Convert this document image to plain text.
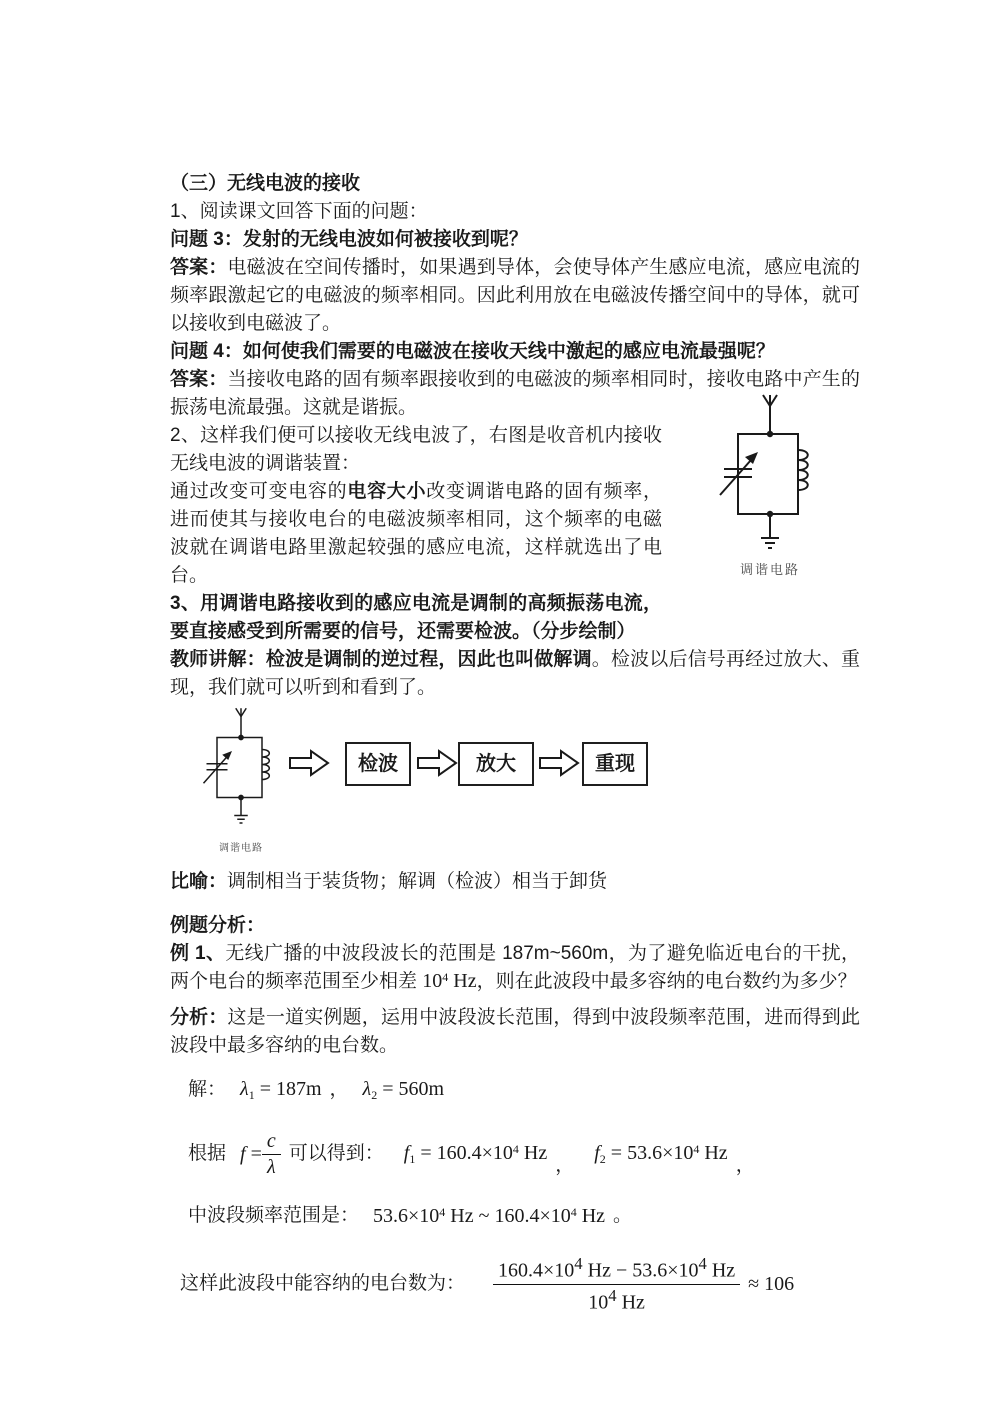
调谐电路

（三）无线电波的接收

1、阅读课文回答下面的问题：

问题 3：发射的无线电波如何被接收到呢？

答案：电磁波在空间传播时，如果遇到导体，会使导体产生感应电流，感应电流的频率跟激起它的电磁波的频率相同。因此利用放在电磁波传播空间中的导体，就可以接收到电磁波了。

问题 4：如何使我们需要的电磁波在接收天线中激起的感应电流最强呢？

答案：当接收电路的固有频率跟接收到的电磁波的频率相同时，接收电路中产生的振荡电流最强。这就是谐振。

2、这样我们便可以接收无线电波了，右图是收音机内接收无线电波的调谐装置：

通过改变可变电容的电容大小改变调谐电路的固有频率，进而使其与接收电台的电磁波频率相同，这个频率的电磁波就在调谐电路里激起较强的感应电流，这样就选出了电台。

3、用调谐电路接收到的感应电流是调制的高频振荡电流，要直接感受到所需要的信号，还需要检波。（分步绘制）

教师讲解：检波是调制的逆过程，因此也叫做解调。检波以后信号再经过放大、重现，我们就可以听到和看到了。

调谐电路
检波	放大	重现

比喻：调制相当于装货物；解调（检波）相当于卸货

例题分析：

例 1、无线广播的中波段波长的范围是 187m~560m，为了避免临近电台的干扰，两个电台的频率范围至少相差 $10^4$ Hz，则在此波段中最多容纳的电台数约为多少？

分析：这是一道实例题，运用中波段波长范围，得到中波段频率范围，进而得到此波段中最多容纳的电台数。

解： $\lambda_1 = 187m$ ， $\lambda_2 = 560m$
根据 $f = \frac{c}{\lambda}$ 可以得到： $f_1 = 160.4\times 10^4$ Hz
，
$f_2 = 53.6\times 10^4$ Hz
，
中波段频率范围是： $53.6\times 10^4$ Hz ~ $160.4\times 10^4$ Hz 。
这样此波段中能容纳的电台数为： $\frac{160.4\times 10^4 Hz - 53.6\times 10^4 Hz}{10^4 Hz} \approx 106$
